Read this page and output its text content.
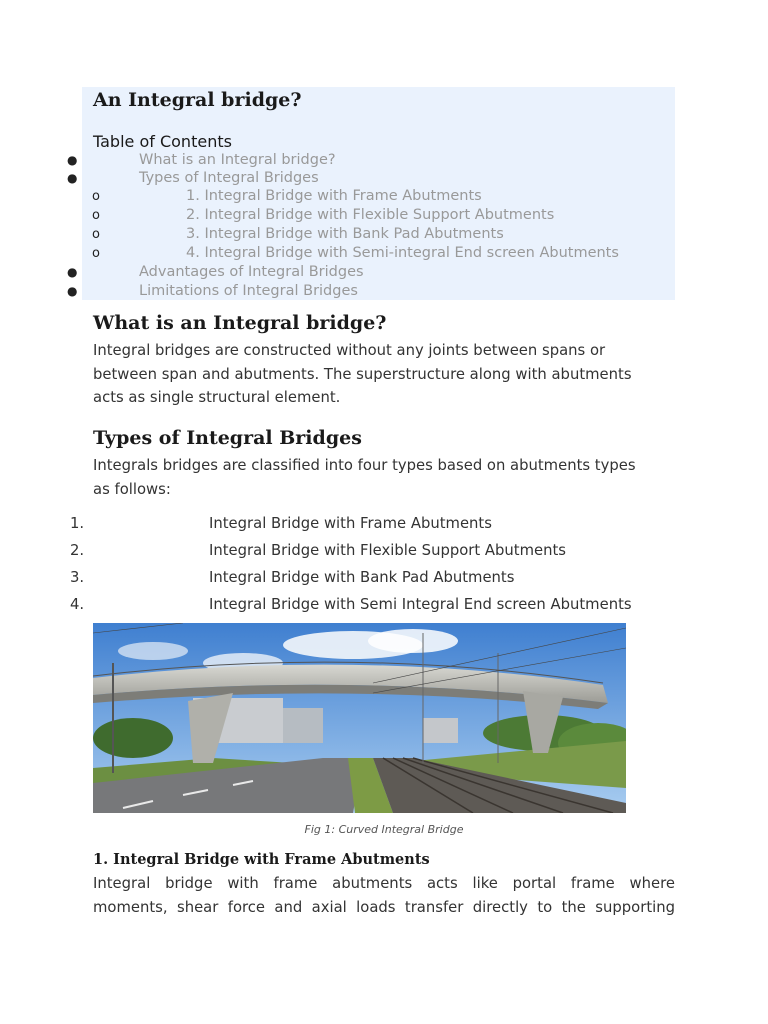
An Integral bridge?
Table of Contents
●	What is an Integral bridge?
●	Types of Integral Bridges
o	1. Integral Bridge with Frame Abutments
o	2. Integral Bridge with Flexible Support Abutments
o	3. Integral Bridge with Bank Pad Abutments
o	4. Integral Bridge with Semi-integral End screen Abutments
●	Advantages of Integral Bridges
●	Limitations of Integral Bridges
What is an Integral bridge?
Integral bridges are constructed without any joints between spans or
between span and abutments. The superstructure along with abutments
acts as single structural element.
Types of Integral Bridges
Integrals bridges are classified into four types based on abutments types
as follows:
1.	Integral Bridge with Frame Abutments
2.	Integral Bridge with Flexible Support Abutments
3.	Integral Bridge with Bank Pad Abutments
4.	Integral Bridge with Semi Integral End screen Abutments
Fig 1: Curved Integral Bridge
1. Integral Bridge with Frame Abutments
Integral bridge with frame abutments acts like portal frame where
moments, shear force and axial loads transfer directly to the supporting
